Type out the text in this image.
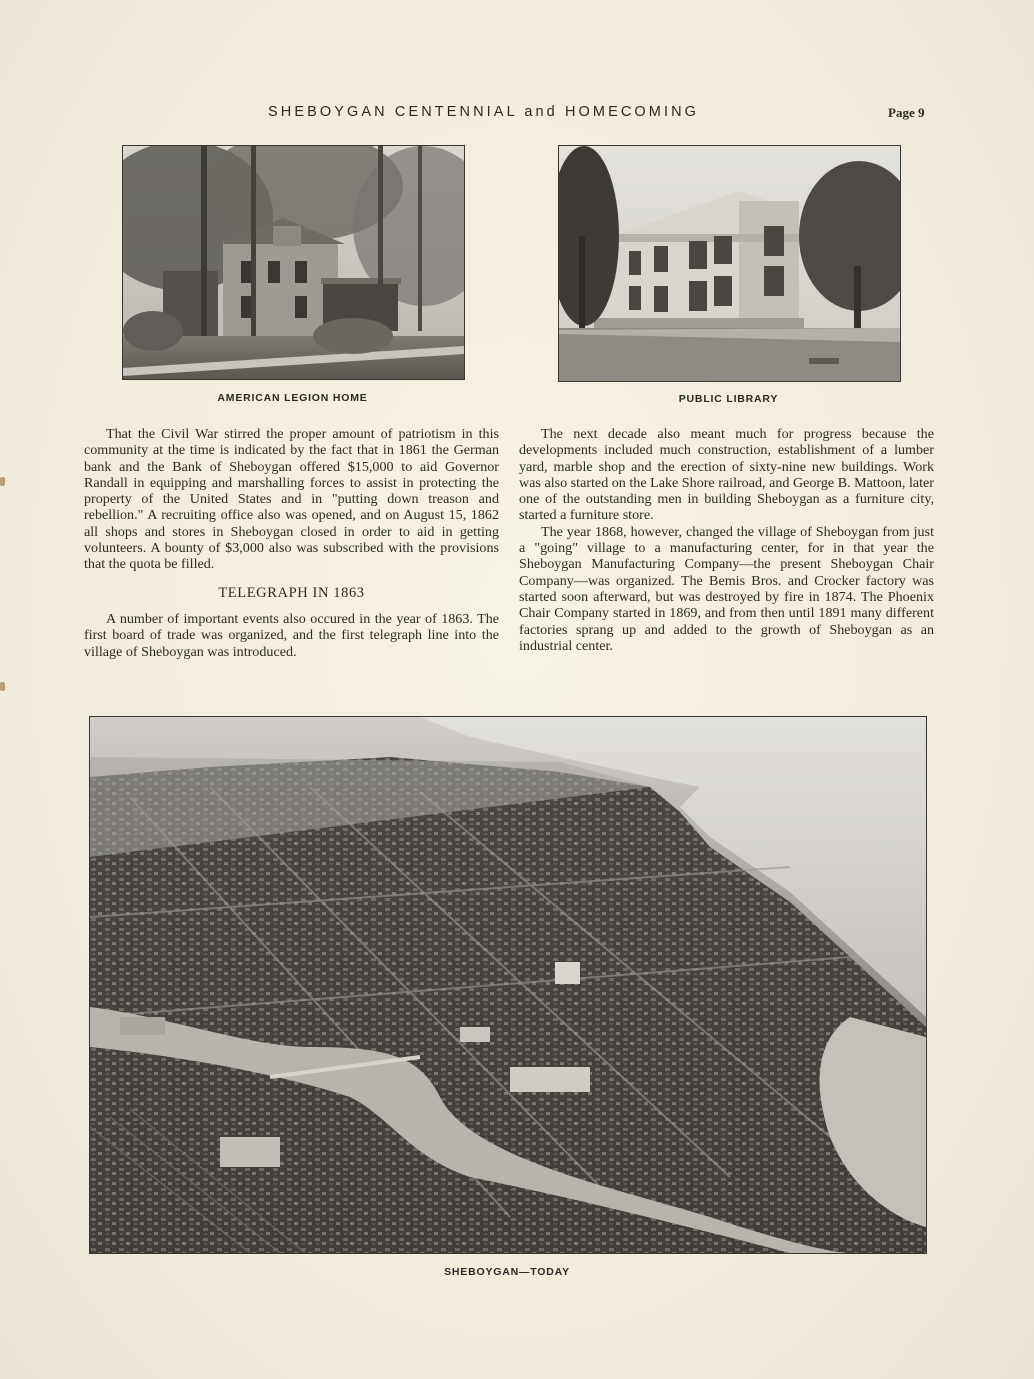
SHEBOYGAN CENTENNIAL and HOMECOMING	Page 9
AMERICAN LEGION HOME	PUBLIC LIBRARY

That the Civil War stirred the proper amount of patriotism in this community at the time is indicated by the fact that in 1861 the German bank and the Bank of Sheboygan offered $15,000 to aid Governor Randall in equipping and marshalling forces to assist in protecting the property of the United States and in "putting down treason and rebellion." A recruiting office also was opened, and on August 15, 1862 all shops and stores in Sheboygan closed in order to aid in getting volunteers. A bounty of $3,000 also was subscribed with the provisions that the quota be filled.

TELEGRAPH IN 1863

A number of important events also occured in the year of 1863. The first board of trade was organized, and the first telegraph line into the village of Sheboygan was introduced.

The next decade also meant much for progress because the developments included much construction, establishment of a lumber yard, marble shop and the erection of sixty-nine new buildings. Work was also started on the Lake Shore railroad, and George B. Mattoon, later one of the outstanding men in building Sheboygan as a furniture city, started a furniture store.

The year 1868, however, changed the village of Sheboygan from just a "going" village to a manufacturing center, for in that year the Sheboygan Manufacturing Company—the present Sheboygan Chair Company—was organized. The Bemis Bros. and Crocker factory was started soon afterward, but was destroyed by fire in 1874. The Phoenix Chair Company started in 1869, and from then until 1891 many different factories sprang up and added to the growth of Sheboygan as an industrial center.

SHEBOYGAN—TODAY
